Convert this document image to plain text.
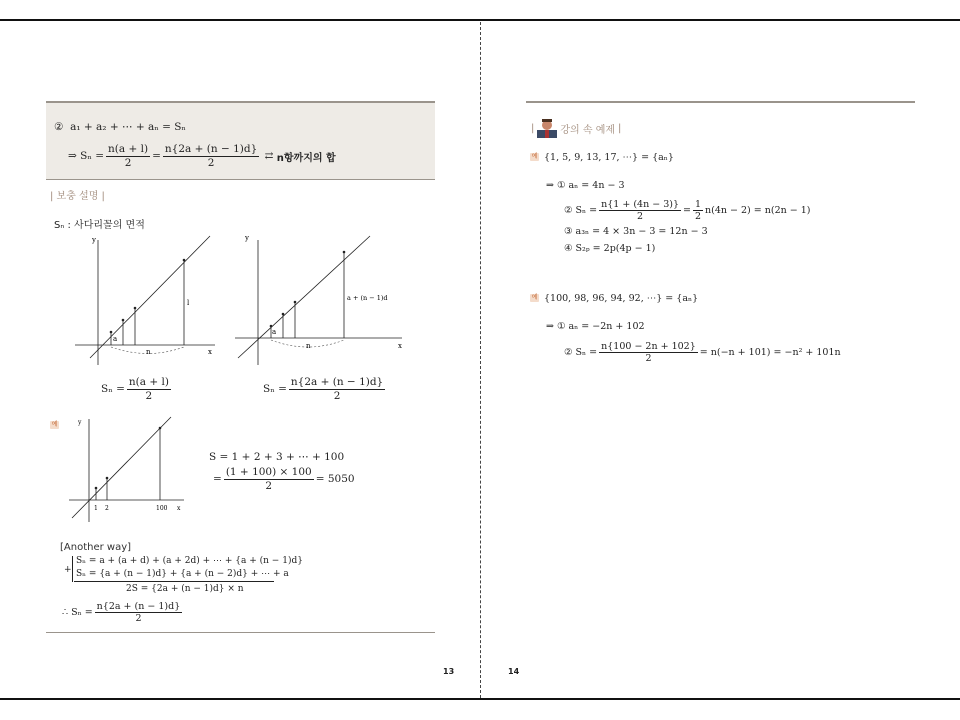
② a₁ + a₂ + ⋯ + aₙ = Sₙ
⇒
$S_n = \frac{n(a + l)}{2} = \frac{n\{2a + (n - 1)d\}}{2}$
⇄
n항까지의 합
| 보충 설명 |
Sₙ : 사다리꼴의 면적
y
x
a
n
l
$S_n = \frac{n(a + l)}{2}$
y
x
a
n
a + (n − 1)d
$S_n = \frac{n\{2a + (n - 1)d\}}{2}$
예	y
x
1 2	100
S = 1 + 2 + 3 + ⋯ + 100
= $\frac{(1 + 100) \times 100}{2} = 5050$
[Another way]
+
Sₙ = a + (a + d) + (a + 2d) + ⋯ + {a + (n − 1)d}
Sₙ = {a + (n − 1)d} + {a + (n − 2)d} + ⋯ + a
2S = {2a + (n − 1)d} × n
∴ $S_n = \frac{n\{2a + (n - 1)d\}}{2}$
13
|	강의 속 예제 |
예 {1, 5, 9, 13, 17, ⋯} = {aₙ}
⇒ ① aₙ = 4n − 3
② $S_n = \frac{n\{1 + (4n - 3)\}}{2} = \frac{1}{2} n(4n - 2) = n(2n - 1)$
③ a₃ₙ = 4 × 3n − 3 = 12n − 3
④ S₂ₚ = 2p(4p − 1)
예 {100, 98, 96, 94, 92, ⋯} = {aₙ}
⇒ ① aₙ = −2n + 102
② $S_n = \frac{n\{100 - 2n + 102\}}{2} = n(-n + 101) = -n^2 + 101n$
14
